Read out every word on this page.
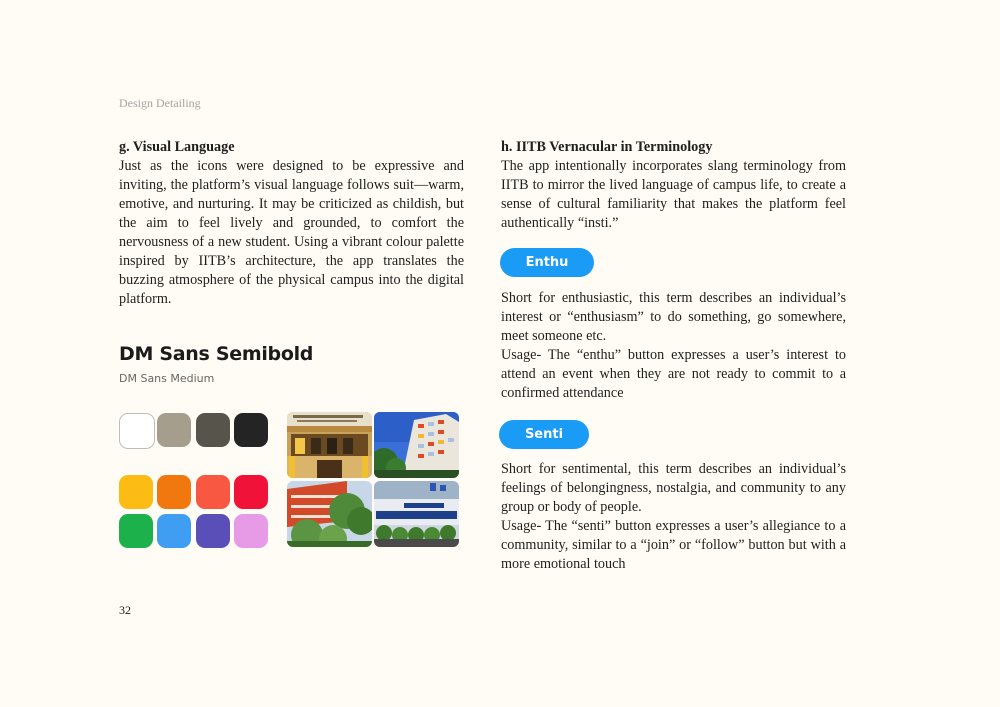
Design Detailing

g. Visual Language

Just as the icons were designed to be expressive and inviting, the platform’s visual language follows suit—warm, emotive, and nurturing. It may be criticized as childish, but the aim to feel lively and grounded, to comfort the nervousness of a new student. Using a vibrant colour palette inspired by IITB’s architecture, the app translates the buzzing atmosphere of the physical campus into the digital platform.

DM Sans Semibold
DM Sans Medium

h. IITB Vernacular in Terminology

The app intentionally incorporates slang terminology from IITB to mirror the lived language of campus life, to create a sense of cultural familiarity that makes the platform feel authentically “insti.”

Enthu

Short for enthusiastic, this term describes an individual’s interest or “enthusiasm” to do something, go somewhere, meet someone etc.

Usage- The “enthu” button expresses a user’s interest to attend an event when they are not ready to commit to a confirmed attendance

Senti

Short for sentimental, this term describes an individual’s feelings of belongingness, nostalgia, and community to any group or body of people.

Usage- The “senti” button expresses a user’s allegiance to a community, similar to a “join” or “follow” button but with a more emotional touch

32
